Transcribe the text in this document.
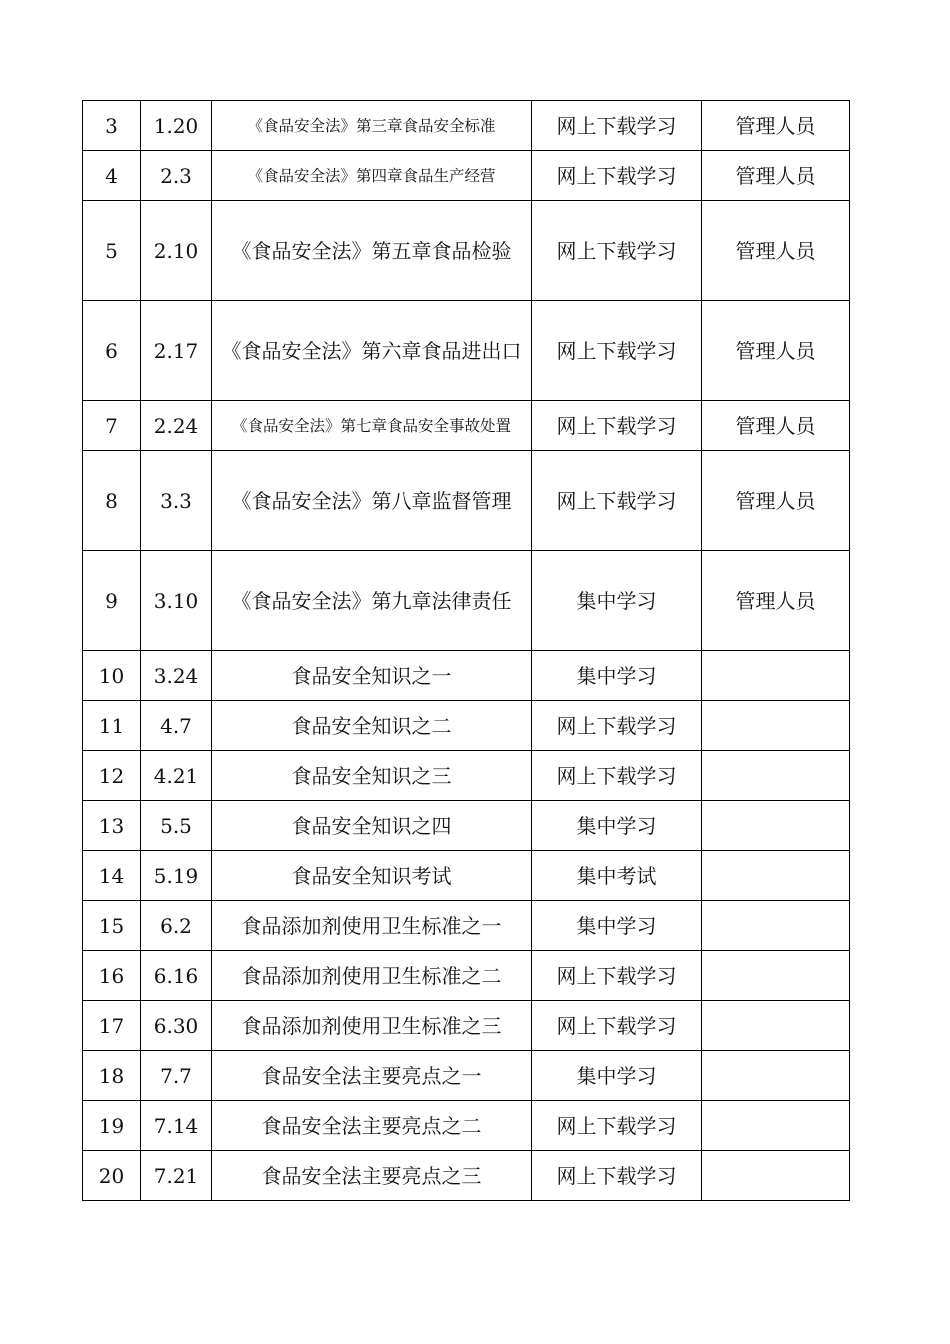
3	1.20	《食品安全法》第三章食品安全标准	网上下载学习	管理人员
4	2.3	《食品安全法》第四章食品生产经营	网上下载学习	管理人员
5	2.10	《食品安全法》第五章食品检验	网上下载学习	管理人员
6	2.17	《食品安全法》第六章食品进出口	网上下载学习	管理人员
7	2.24	《食品安全法》第七章食品安全事故处置	网上下载学习	管理人员
8	3.3	《食品安全法》第八章监督管理	网上下载学习	管理人员
9	3.10	《食品安全法》第九章法律责任	集中学习	管理人员
10	3.24	食品安全知识之一	集中学习	
11	4.7	食品安全知识之二	网上下载学习	
12	4.21	食品安全知识之三	网上下载学习	
13	5.5	食品安全知识之四	集中学习	
14	5.19	食品安全知识考试	集中考试	
15	6.2	食品添加剂使用卫生标准之一	集中学习	
16	6.16	食品添加剂使用卫生标准之二	网上下载学习	
17	6.30	食品添加剂使用卫生标准之三	网上下载学习	
18	7.7	食品安全法主要亮点之一	集中学习	
19	7.14	食品安全法主要亮点之二	网上下载学习	
20	7.21	食品安全法主要亮点之三	网上下载学习	
